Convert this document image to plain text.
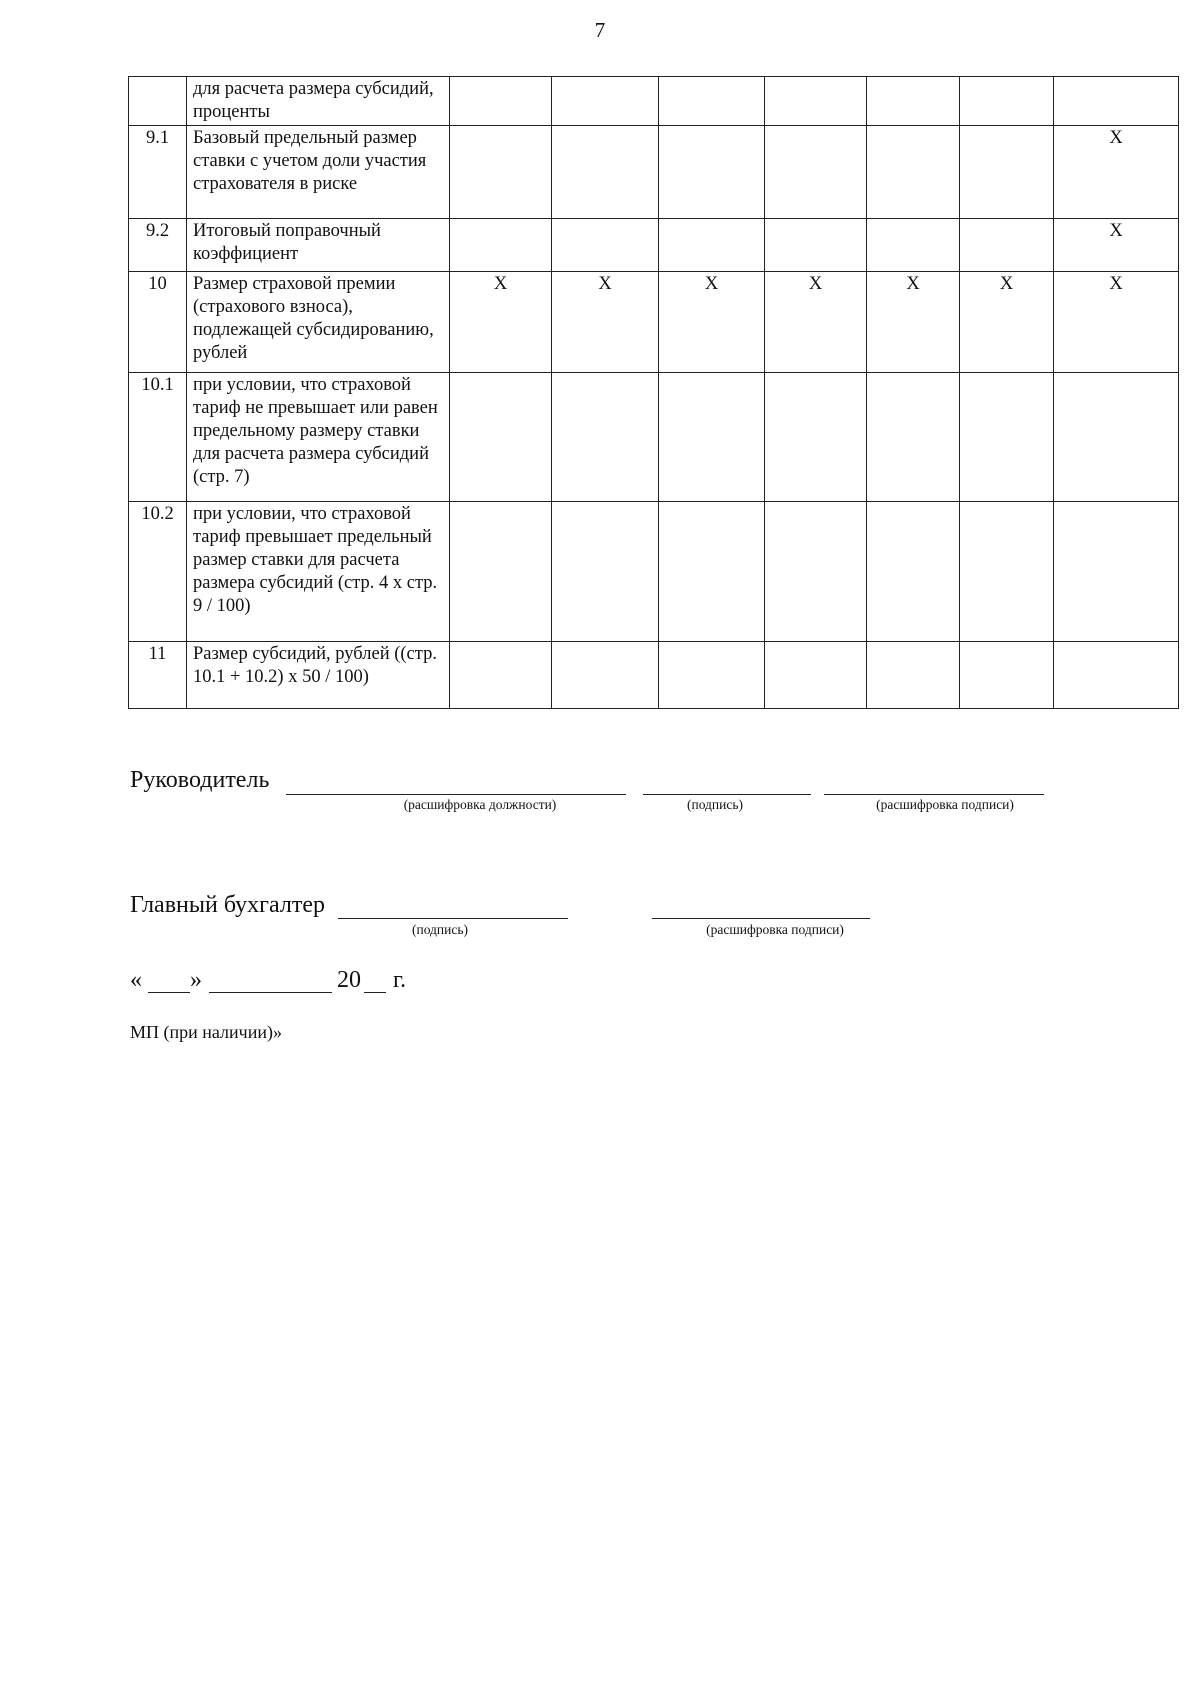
7
	для расчета размера субсидий, проценты							
9.1	Базовый предельный размер ставки с учетом доли участия страхователя в риске							Х
9.2	Итоговый поправочный коэффициент							Х
10	Размер страховой премии (страхового взноса), подлежащей субсидированию, рублей	Х	Х	Х	Х	Х	Х	Х
10.1	при условии, что страховой тариф не превышает или равен предельному размеру ставки для расчета размера субсидий (стр. 7)							
10.2	при условии, что страховой тариф превышает предельный размер ставки для расчета размера субсидий (стр. 4 х стр. 9 / 100)							
11	Размер субсидий, рублей ((стр. 10.1 + 10.2) х 50 / 100)							
Руководитель
(расшифровка должности)	(подпись)	(расшифровка подписи)
Главный бухгалтер
(подпись)	(расшифровка подписи)
« »	20 г.
МП (при наличии)»
